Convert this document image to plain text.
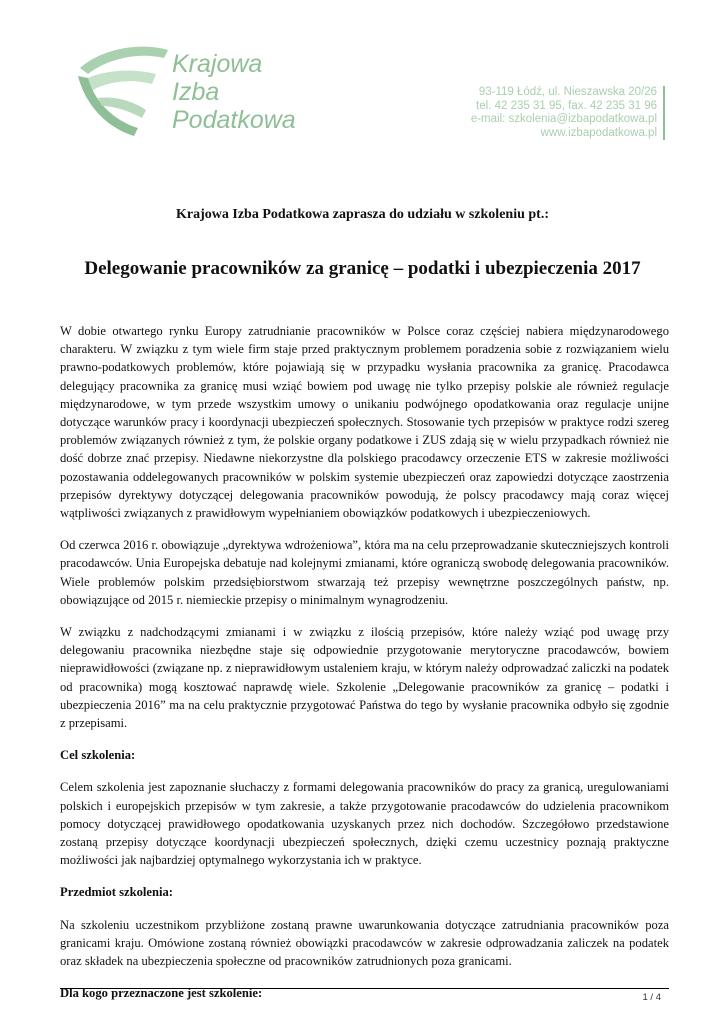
Krajowa
Izba
Podatkowa
93-119 Łódź, ul. Nieszawska 20/26
tel. 42 235 31 95, fax. 42 235 31 96
e-mail: szkolenia@izbapodatkowa.pl
www.izbapodatkowa.pl
Krajowa Izba Podatkowa zaprasza do udziału w szkoleniu pt.:
Delegowanie pracowników za granicę – podatki i ubezpieczenia 2017

W dobie otwartego rynku Europy zatrudnianie pracowników w Polsce coraz częściej nabiera międzynarodowego charakteru. W związku z tym wiele firm staje przed praktycznym problemem poradzenia sobie z rozwiązaniem wielu prawno-podatkowych problemów, które pojawiają się w przypadku wysłania pracownika za granicę. Pracodawca delegujący pracownika za granicę musi wziąć bowiem pod uwagę nie tylko przepisy polskie ale również regulacje międzynarodowe, w tym przede wszystkim umowy o unikaniu podwójnego opodatkowania oraz regulacje unijne dotyczące warunków pracy i koordynacji ubezpieczeń społecznych. Stosowanie tych przepisów w praktyce rodzi szereg problemów związanych również z tym, że polskie organy podatkowe i ZUS zdają się w wielu przypadkach również nie dość dobrze znać przepisy. Niedawne niekorzystne dla polskiego pracodawcy orzeczenie ETS w zakresie możliwości pozostawania oddelegowanych pracowników w polskim systemie ubezpieczeń oraz zapowiedzi dotyczące zaostrzenia przepisów dyrektywy dotyczącej delegowania pracowników powodują, że polscy pracodawcy mają coraz więcej wątpliwości związanych z prawidłowym wypełnianiem obowiązków podatkowych i ubezpieczeniowych.

Od czerwca 2016 r. obowiązuje „dyrektywa wdrożeniowa”, która ma na celu przeprowadzanie skuteczniejszych kontroli pracodawców. Unia Europejska debatuje nad kolejnymi zmianami, które ograniczą swobodę delegowania pracowników. Wiele problemów polskim przedsiębiorstwom stwarzają też przepisy wewnętrzne poszczególnych państw, np. obowiązujące od 2015 r. niemieckie przepisy o minimalnym wynagrodzeniu.

W związku z nadchodzącymi zmianami i w związku z ilością przepisów, które należy wziąć pod uwagę przy delegowaniu pracownika niezbędne staje się odpowiednie przygotowanie merytoryczne pracodawców, bowiem nieprawidłowości (związane np. z nieprawidłowym ustaleniem kraju, w którym należy odprowadzać zaliczki na podatek od pracownika) mogą kosztować naprawdę wiele. Szkolenie „Delegowanie pracowników za granicę – podatki i ubezpieczenia 2016” ma na celu praktycznie przygotować Państwa do tego by wysłanie pracownika odbyło się zgodnie z przepisami.

Cel szkolenia:

Celem szkolenia jest zapoznanie słuchaczy z formami delegowania pracowników do pracy za granicą, uregulowaniami polskich i europejskich przepisów w tym zakresie, a także przygotowanie pracodawców do udzielenia pracownikom pomocy dotyczącej prawidłowego opodatkowania uzyskanych przez nich dochodów. Szczegółowo przedstawione zostaną przepisy dotyczące koordynacji ubezpieczeń społecznych, dzięki czemu uczestnicy poznają praktyczne możliwości jak najbardziej optymalnego wykorzystania ich w praktyce.

Przedmiot szkolenia:

Na szkoleniu uczestnikom przybliżone zostaną prawne uwarunkowania dotyczące zatrudniania pracowników poza granicami kraju. Omówione zostaną również obowiązki pracodawców w zakresie odprowadzania zaliczek na podatek oraz składek na ubezpieczenia społeczne od pracowników zatrudnionych poza granicami.

Dla kogo przeznaczone jest szkolenie:	1 / 4
